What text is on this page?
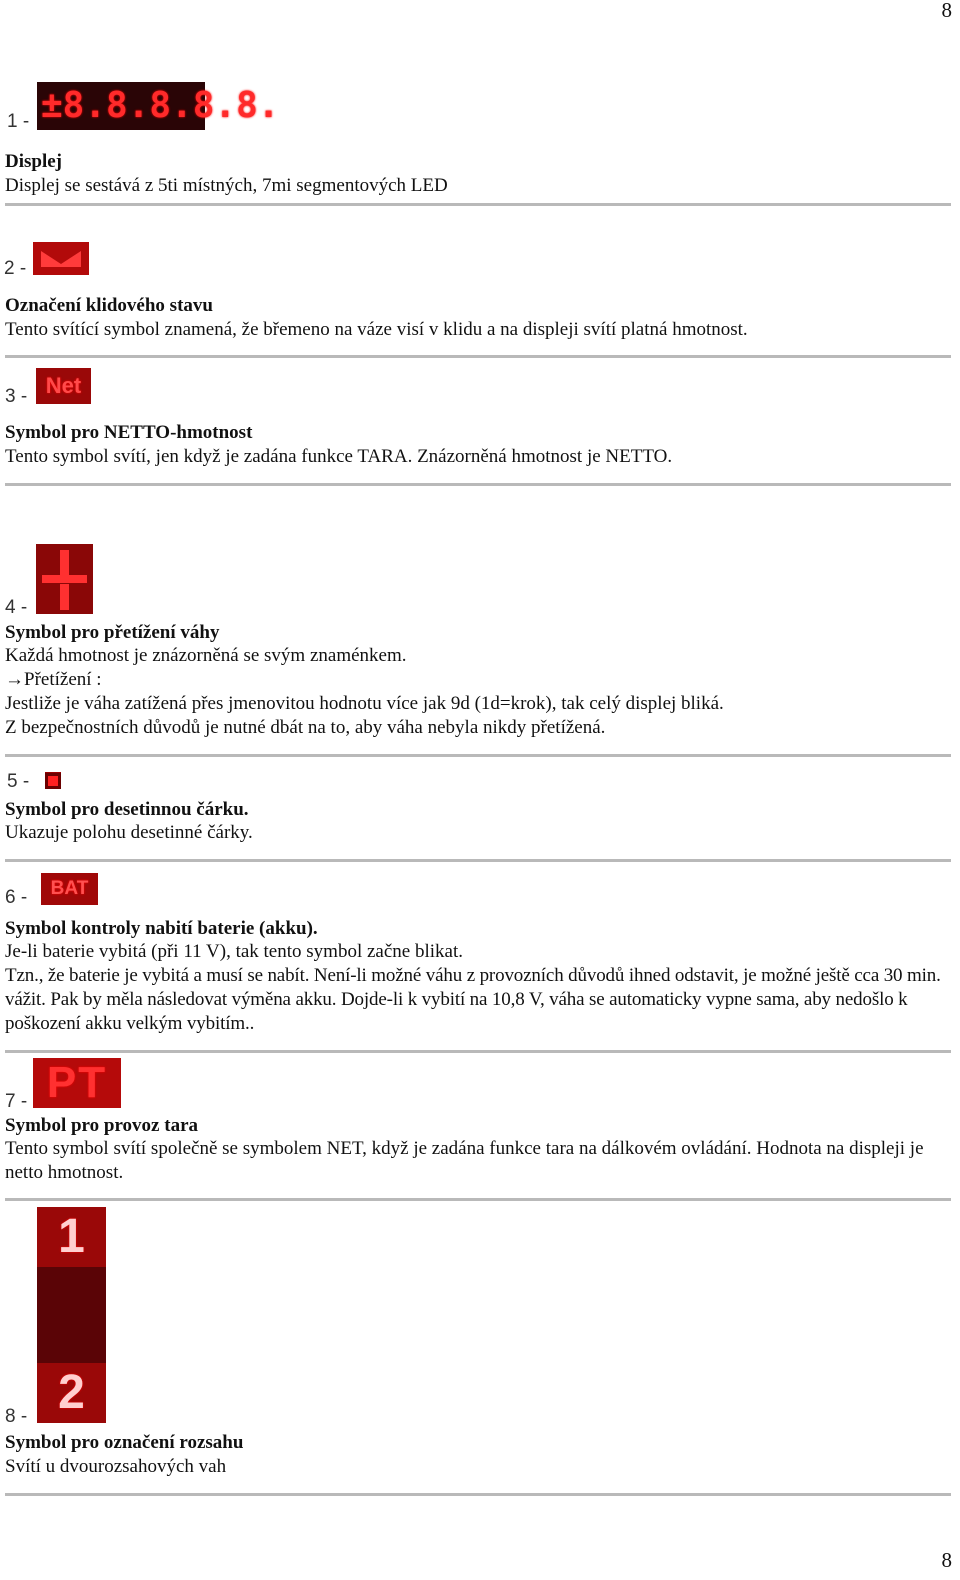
8
1 - ±8.8.8.8.8.
Displej

Displej se sestává z 5ti místných, 7mi segmentových LED

2 -
Označení klidového stavu

Tento svítící symbol znamená, že břemeno na váze visí v klidu a na displeji svítí platná hmotnost.

3 - Net
Symbol pro NETTO-hmotnost

Tento symbol svítí, jen když je zadána funkce TARA. Znázorněná hmotnost je NETTO.

4 -
Symbol pro přetížení váhy

Každá hmotnost je znázorněná se svým znaménkem.

→Přetížení :

Jestliže je váha zatížená přes jmenovitou hodnotu více jak 9d (1d=krok), tak celý displej bliká.

Z bezpečnostních důvodů je nutné dbát na to, aby váha nebyla nikdy přetížená.

5 -
Symbol pro desetinnou čárku.

Ukazuje polohu desetinné čárky.

6 -	BAT
Symbol kontroly nabití baterie (akku).

Je-li baterie vybitá (při 11 V), tak tento symbol začne blikat.

Tzn., že baterie je vybitá a musí se nabít. Není-li možné váhu z provozních důvodů ihned odstavit, je možné ještě cca 30 min. vážit. Pak by měla následovat výměna akku. Dojde-li k vybití na 10,8 V, váha se automaticky vypne sama, aby nedošlo k poškození akku velkým vybitím..

7 - PT
Symbol pro provoz tara

Tento symbol svítí společně se symbolem NET, když je zadána funkce tara na dálkovém ovládání. Hodnota na displeji je netto hmotnost.

8 -
1
2
Symbol pro označení rozsahu

Svítí u dvourozsahových vah

8
